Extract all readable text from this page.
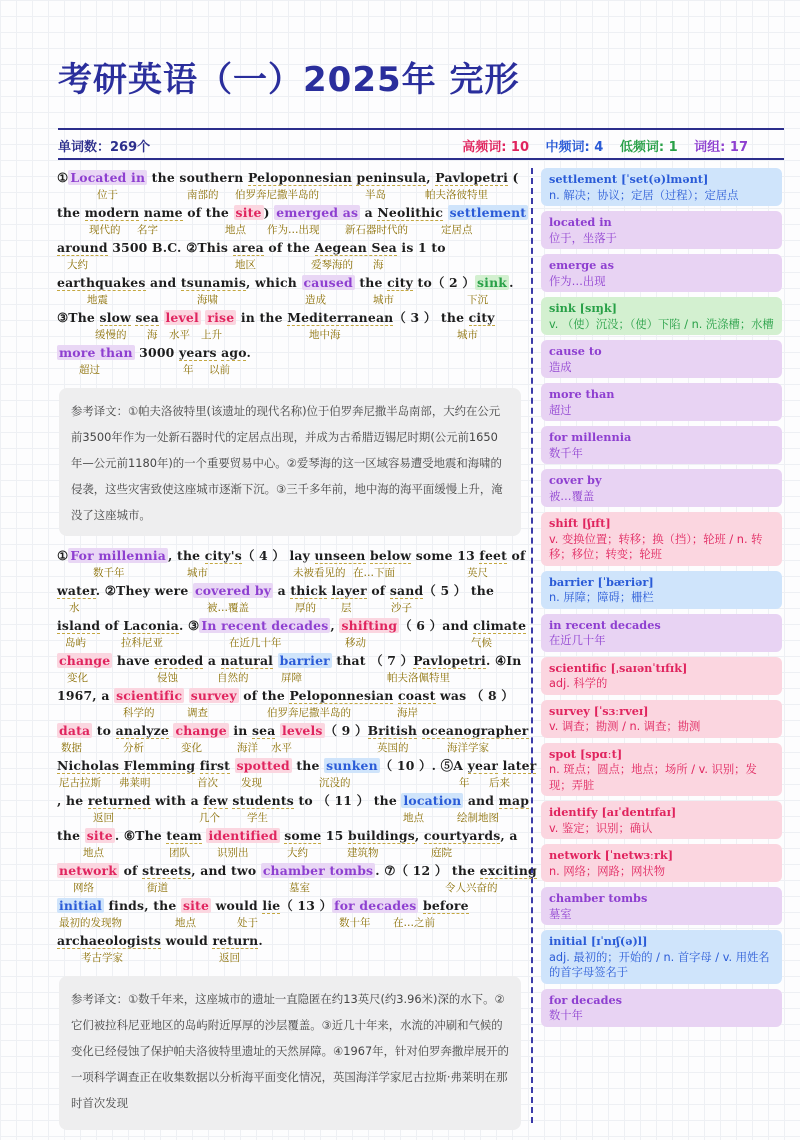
考研英语（一）2025年 完形
单词数：269个	高频词: 10 中频词: 4 低频词: 1 词组: 17
① Located in the southern Peloponnesian peninsula, Pavlopetri (
位于	南部的 伯罗奔尼撒半岛的	半岛	帕夫洛彼特里
the modern name of the site ) emerged as a Neolithic settlement
现代的 名字	地点 作为…出现 新石器时代的	定居点
around 3500 B.C. ②This area of the Aegean Sea is 1 to
大约	地区	爱琴海的 海
earthquakes and tsunamis, which caused the city to（ 2 ） sink .
地震	海啸	造成	城市	下沉
③The slow sea level rise in the Mediterranean（ 3 ） the city
缓慢的 海 水平 上升	地中海	城市
more than 3000 years ago.
超过	年 以前
参考译文：①帕夫洛彼特里(该遗址的现代名称)位于伯罗奔尼撒半岛南部，大约在公元前3500年作为一处新石器时代的定居点出现，并成为古希腊迈锡尼时期(公元前1650年—公元前1180年)的一个重要贸易中心。②爱琴海的这一区域容易遭受地震和海啸的侵袭，这些灾害致使这座城市逐渐下沉。③三千多年前，地中海的海平面缓慢上升，淹没了这座城市。
① For millennia , the city's（ 4 ） lay unseen below some 13 feet of
数千年	城市	未被看见的 在…下面	英尺
water. ②They were covered by a thick layer of sand（ 5 ） the
水	被…覆盖	厚的 层	沙子
island of Laconia. ③ In recent decades , shifting （ 6 ）and climate
岛屿	拉科尼亚	在近几十年	移动	气候
change have eroded a natural barrier that （ 7 ）Pavlopetri. ④In
变化	侵蚀	自然的	屏障	帕夫洛佩特里
1967, a scientific survey of the Peloponnesian coast was （ 8 ）
科学的	调查	伯罗奔尼撒半岛的	海岸
data to analyze change in sea levels （ 9 ）British oceanographer
数据	分析	变化	海洋 水平	英国的	海洋学家
Nicholas Flemming first spotted the sunken （ 10 ）. ⑤A year later
尼古拉斯 弗莱明	首次 发现	沉没的	年 后来
, he returned with a few students to （ 11 ） the location and map
返回	几个	学生	地点	绘制地图
the site . ⑥The team identified some 15 buildings, courtyards, a
地点	团队	识别出	大约	建筑物	庭院
network of streets, and two chamber tombs . ⑦（ 12 ） the exciting
网络	街道	墓室	令人兴奋的
initial finds, the site would lie（ 13 ） for decades before
最初的发现物	地点	处于	数十年 在…之前
archaeologists would return.
考古学家	返回
参考译文：①数千年来，这座城市的遗址一直隐匿在约13英尺(约3.96米)深的水下。②它们被拉科尼亚地区的岛屿附近厚厚的沙层覆盖。③近几十年来，水流的冲刷和气候的变化已经侵蚀了保护帕夫洛彼特里遗址的天然屏障。④1967年，针对伯罗奔撒岸展开的一项科学调查正在收集数据以分析海平面变化情况，英国海洋学家尼古拉斯·弗莱明在那时首次发现
settlement [ˈset(ə)lmənt]
n. 解决；协议；定居（过程）；定居点
located in
位于，坐落于
emerge as
作为…出现
sink [sɪŋk]
v. （使）沉没；（使）下陷 / n. 洗涤槽；水槽
cause to
造成
more than
超过
for millennia
数千年
cover by
被…覆盖
shift [ʃɪft]
v. 变换位置；转移；换（挡）；轮班 / n. 转移；移位；转变；轮班
barrier [ˈbæriər]
n. 屏障；障碍；栅栏
in recent decades
在近几十年
scientific [ˌsaɪənˈtɪfɪk]
adj. 科学的
survey [ˈsɜːrveɪ]
v. 调查；勘测 / n. 调查；勘测
spot [spɑːt]
n. 斑点；圆点；地点；场所 / v. 识别；发现；弄脏
identify [aɪˈdentɪfaɪ]
v. 鉴定；识别；确认
network [ˈnetwɜːrk]
n. 网络；网路；网状物
chamber tombs
墓室
initial [ɪˈnɪʃ(ə)l]
adj. 最初的；开始的 / n. 首字母 / v. 用姓名的首字母签名于
for decades
数十年
